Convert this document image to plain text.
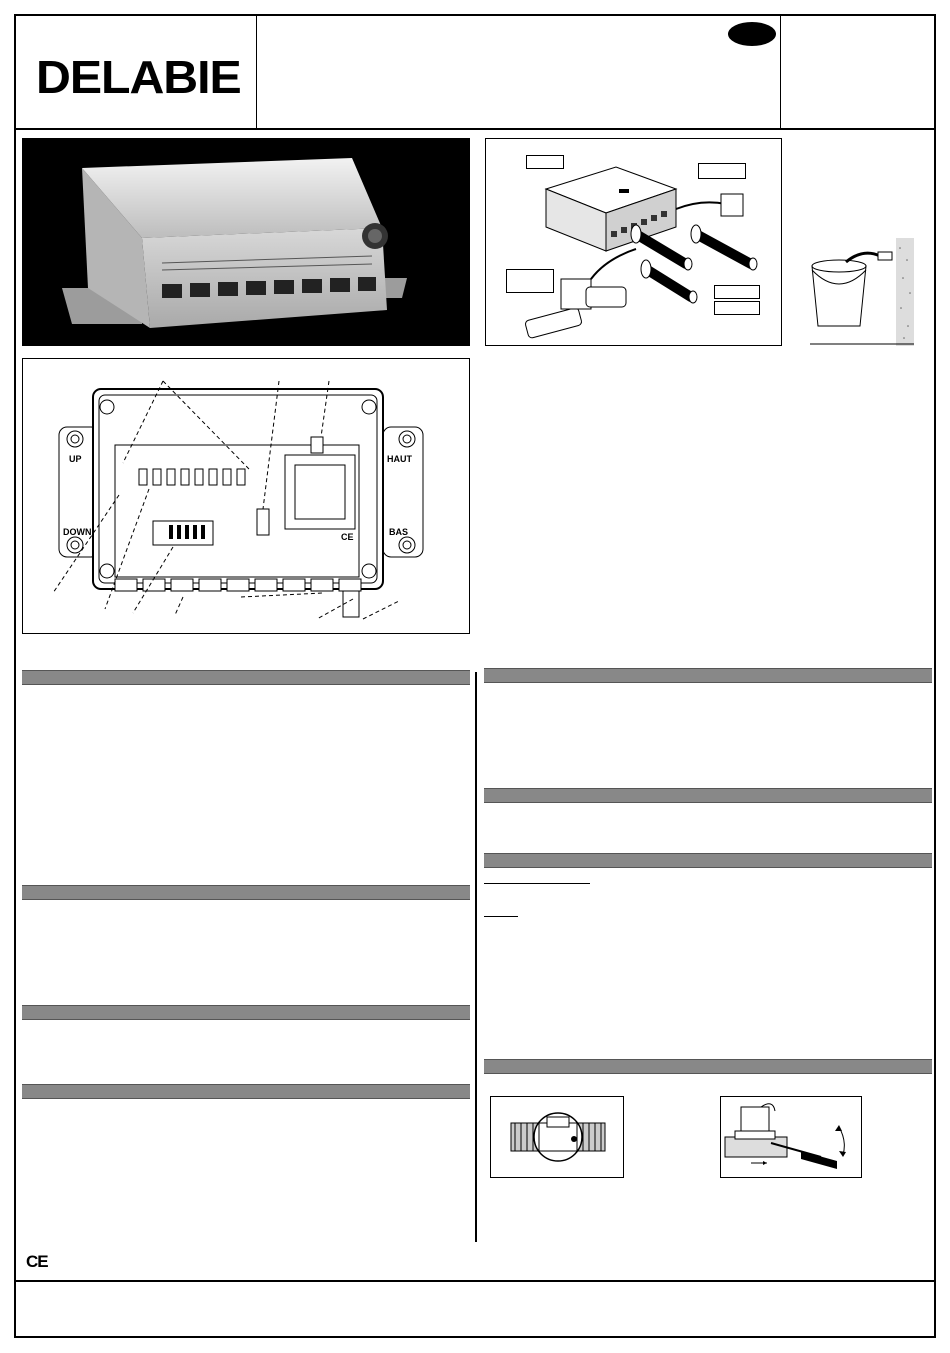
DELABIE
UP
DOWN
HAUT
BAS
CE
CE
